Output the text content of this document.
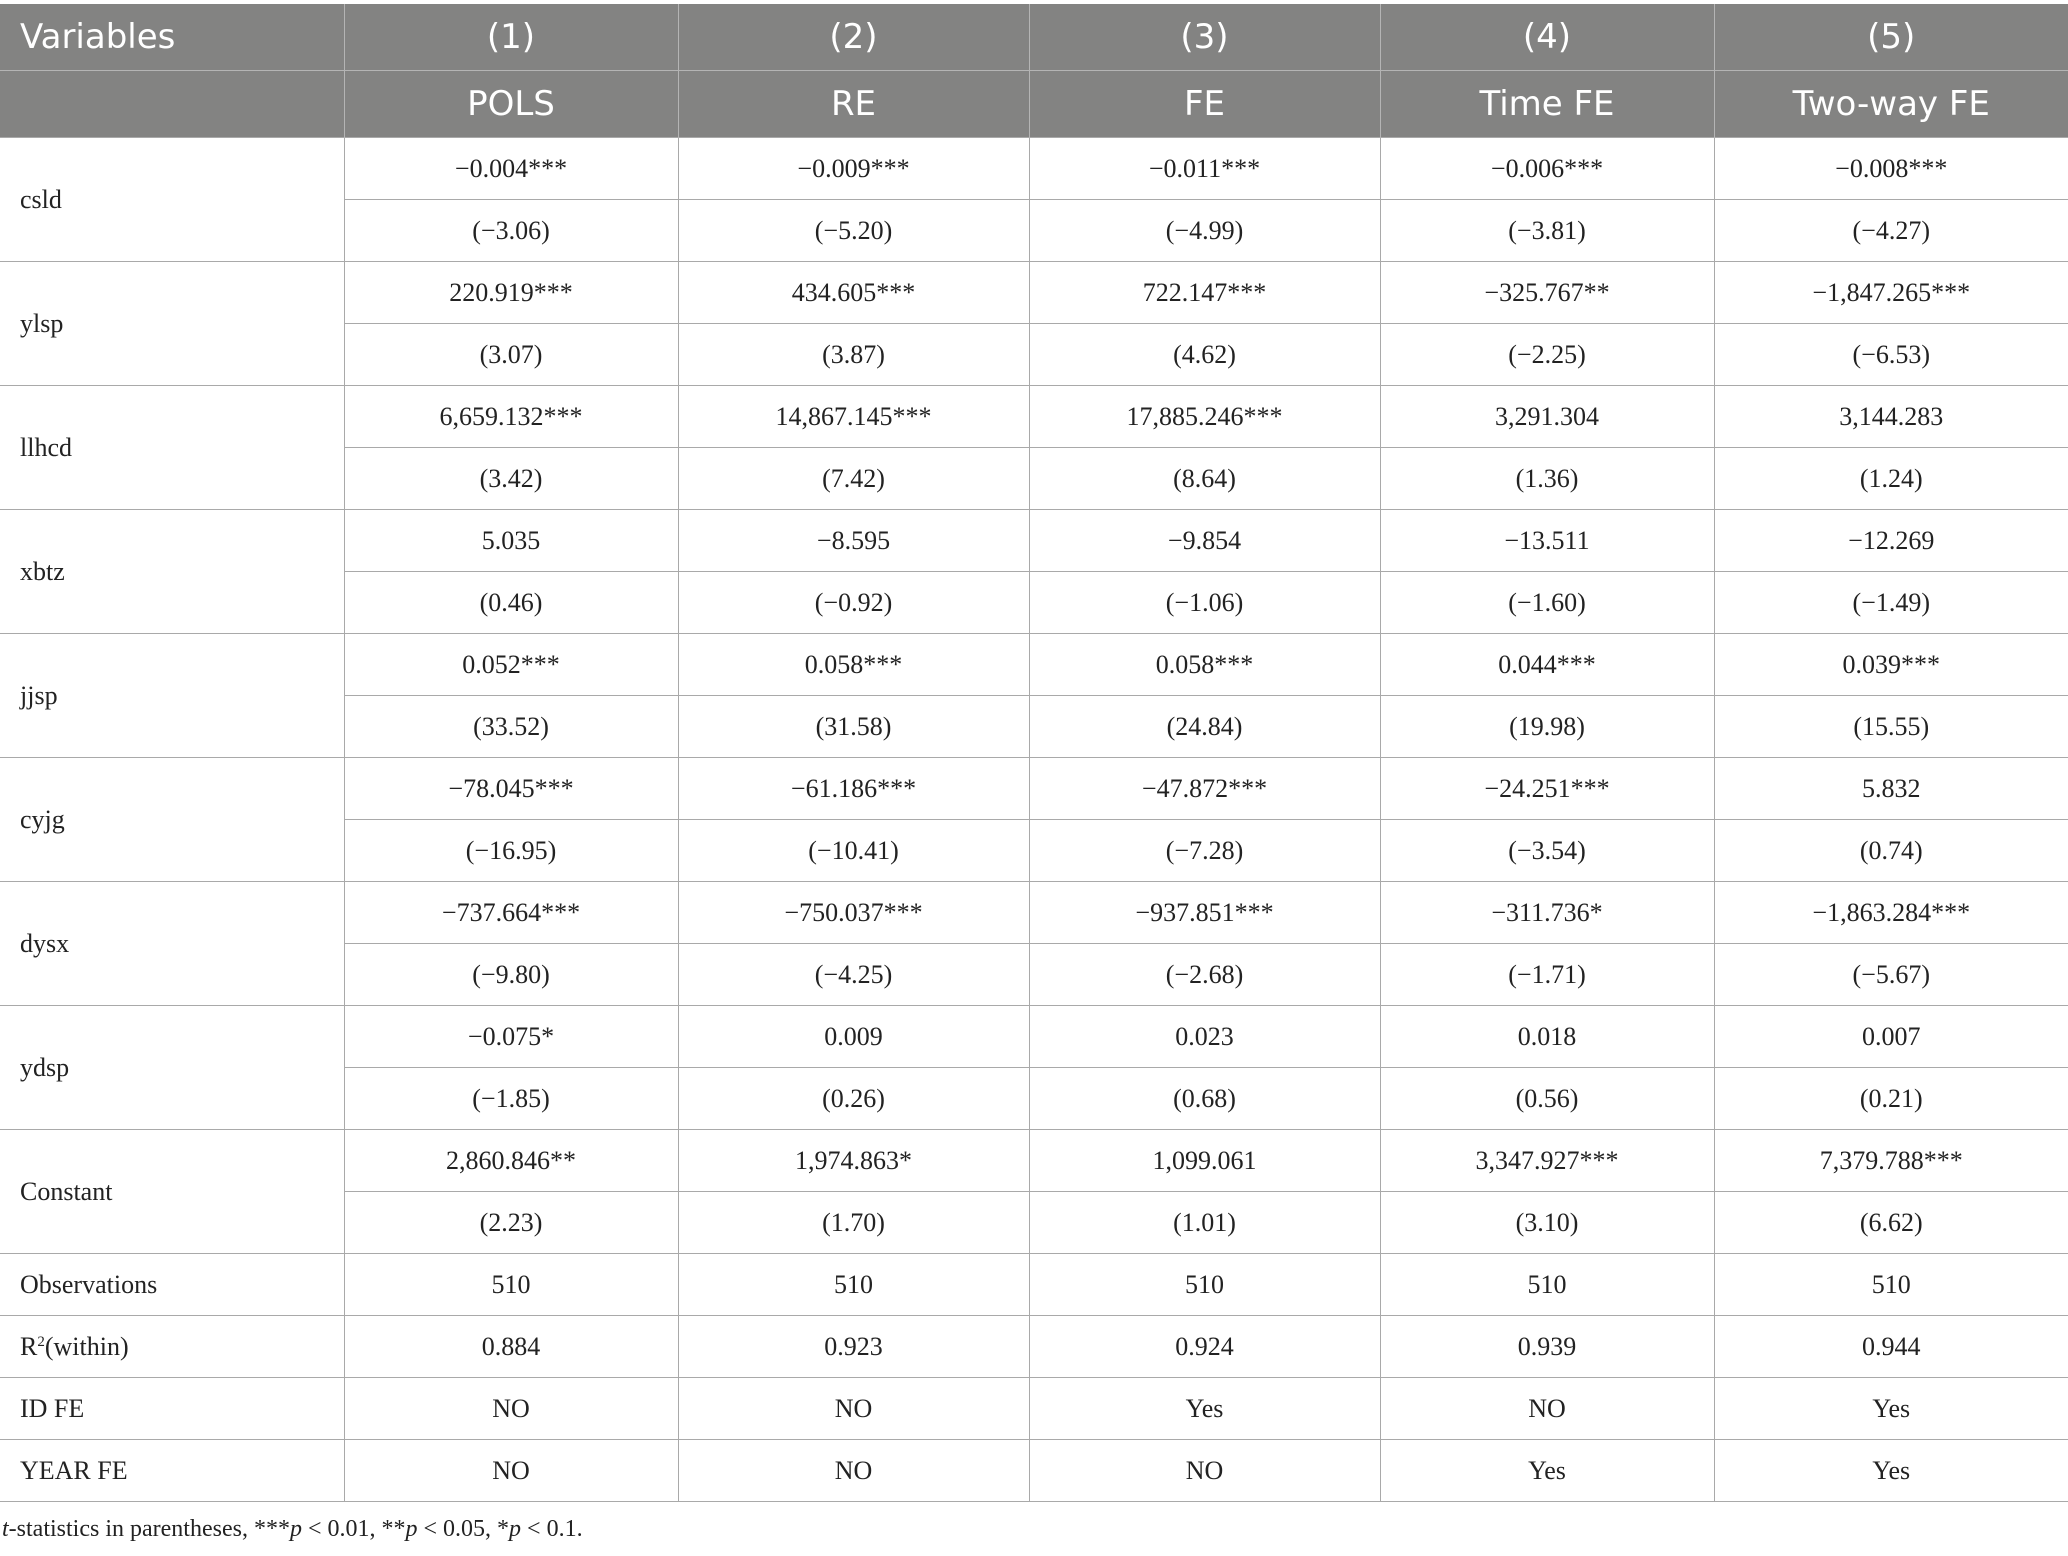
Variables	(1)	(2)	(3)	(4)	(5)
	POLS	RE	FE	Time FE	Two-way FE
csld	−0.004***	−0.009***	−0.011***	−0.006***	−0.008***
	(−3.06)	(−5.20)	(−4.99)	(−3.81)	(−4.27)
ylsp	220.919***	434.605***	722.147***	−325.767**	−1,847.265***
	(3.07)	(3.87)	(4.62)	(−2.25)	(−6.53)
llhcd	6,659.132***	14,867.145***	17,885.246***	3,291.304	3,144.283
	(3.42)	(7.42)	(8.64)	(1.36)	(1.24)
xbtz	5.035	−8.595	−9.854	−13.511	−12.269
	(0.46)	(−0.92)	(−1.06)	(−1.60)	(−1.49)
jjsp	0.052***	0.058***	0.058***	0.044***	0.039***
	(33.52)	(31.58)	(24.84)	(19.98)	(15.55)
cyjg	−78.045***	−61.186***	−47.872***	−24.251***	5.832
	(−16.95)	(−10.41)	(−7.28)	(−3.54)	(0.74)
dysx	−737.664***	−750.037***	−937.851***	−311.736*	−1,863.284***
	(−9.80)	(−4.25)	(−2.68)	(−1.71)	(−5.67)
ydsp	−0.075*	0.009	0.023	0.018	0.007
	(−1.85)	(0.26)	(0.68)	(0.56)	(0.21)
Constant	2,860.846**	1,974.863*	1,099.061	3,347.927***	7,379.788***
	(2.23)	(1.70)	(1.01)	(3.10)	(6.62)
Observations	510	510	510	510	510
$R^2(within)$	0.884	0.923	0.924	0.939	0.944
ID FE	NO	NO	Yes	NO	Yes
YEAR FE	NO	NO	NO	Yes	Yes
t-statistics in parentheses, ***p < 0.01, **p < 0.05, *p < 0.1.
